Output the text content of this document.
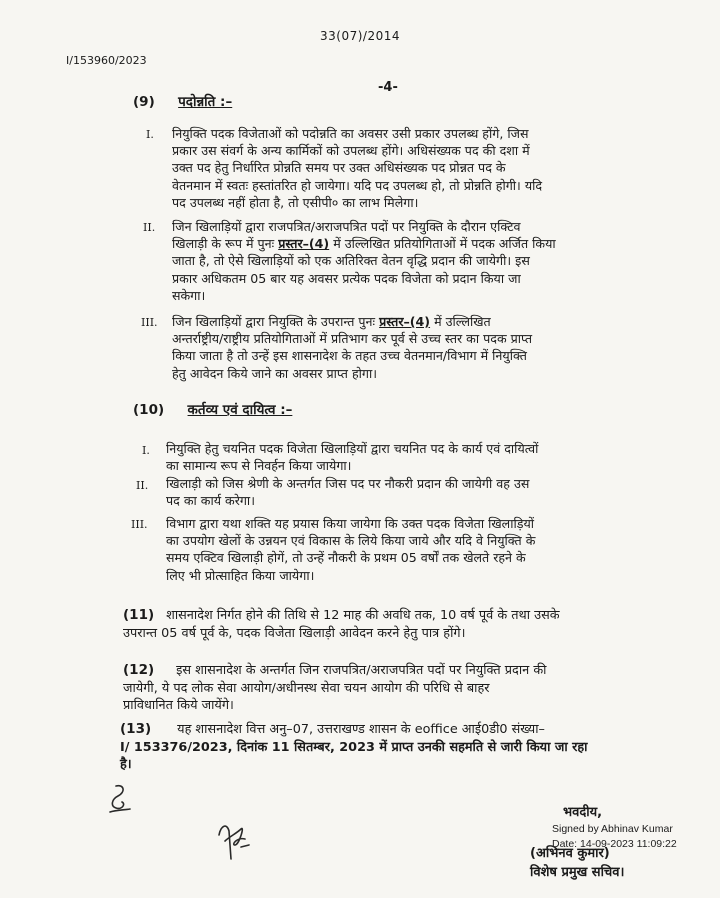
33(07)/2014
I/153960/2023
-4-
(9) पदोन्नति :–
I. नियुक्ति पदक विजेताओं को पदोन्नति का अवसर उसी प्रकार उपलब्ध होंगे, जिस
प्रकार उस संवर्ग के अन्य कार्मिकों को उपलब्ध होंगे। अधिसंख्यक पद की दशा में
उक्त पद हेतु निर्धारित प्रोन्नति समय पर उक्त अधिसंख्यक पद प्रोन्नत पद के
वेतनमान में स्वतः हस्तांतरित हो जायेगा। यदि पद उपलब्ध हो, तो प्रोन्नति होगी। यदि
पद उपलब्ध नहीं होता है, तो एसीपी० का लाभ मिलेगा।
II. जिन खिलाड़ियों द्वारा राजपत्रित/अराजपत्रित पदों पर नियुक्ति के दौरान एक्टिव
खिलाड़ी के रूप में पुनः प्रस्तर–(4) में उल्लिखित प्रतियोगिताओं में पदक अर्जित किया
जाता है, तो ऐसे खिलाड़ियों को एक अतिरिक्त वेतन वृद्धि प्रदान की जायेगी। इस
प्रकार अधिकतम 05 बार यह अवसर प्रत्येक पदक विजेता को प्रदान किया जा
सकेगा।
III. जिन खिलाड़ियों द्वारा नियुक्ति के उपरान्त पुनः प्रस्तर–(4) में उल्लिखित
अन्तर्राष्ट्रीय/राष्ट्रीय प्रतियोगिताओं में प्रतिभाग कर पूर्व से उच्च स्तर का पदक प्राप्त
किया जाता है तो उन्हें इस शासनादेश के तहत उच्च वेतनमान/विभाग में नियुक्ति
हेतु आवेदन किये जाने का अवसर प्राप्त होगा।
(10) कर्तव्य एवं दायित्व :–
I. नियुक्ति हेतु चयनित पदक विजेता खिलाड़ियों द्वारा चयनित पद के कार्य एवं दायित्वों
का सामान्य रूप से निवर्हन किया जायेगा।
II. खिलाड़ी को जिस श्रेणी के अन्तर्गत जिस पद पर नौकरी प्रदान की जायेगी वह उस
पद का कार्य करेगा।
III. विभाग द्वारा यथा शक्ति यह प्रयास किया जायेगा कि उक्त पदक विजेता खिलाड़ियों
का उपयोग खेलों के उन्नयन एवं विकास के लिये किया जाये और यदि वे नियुक्ति के
समय एक्टिव खिलाड़ी होगें, तो उन्हें नौकरी के प्रथम 05 वर्षों तक खेलते रहने के
लिए भी प्रोत्साहित किया जायेगा।
(11) शासनादेश निर्गत होने की तिथि से 12 माह की अवधि तक, 10 वर्ष पूर्व के तथा उसके
उपरान्त 05 वर्ष पूर्व के, पदक विजेता खिलाड़ी आवेदन करने हेतु पात्र होंगे।
(12) इस शासनादेश के अन्तर्गत जिन राजपत्रित/अराजपत्रित पदों पर नियुक्ति प्रदान की
जायेगी, ये पद लोक सेवा आयोग/अधीनस्थ सेवा चयन आयोग की परिधि से बाहर
प्राविधानित किये जायेंगे।
(13) यह शासनादेश वित्त अनु–07, उत्तराखण्ड शासन के eoffice आई0डी0 संख्या–
I/ 153376/2023, दिनांक 11 सितम्बर, 2023 में प्राप्त उनकी सहमति से जारी किया जा रहा
है।
भवदीय,
Signed by Abhinav Kumar
(अभिनव कुमार)
Date: 14-09-2023 11:09:22
विशेष प्रमुख सचिव।
